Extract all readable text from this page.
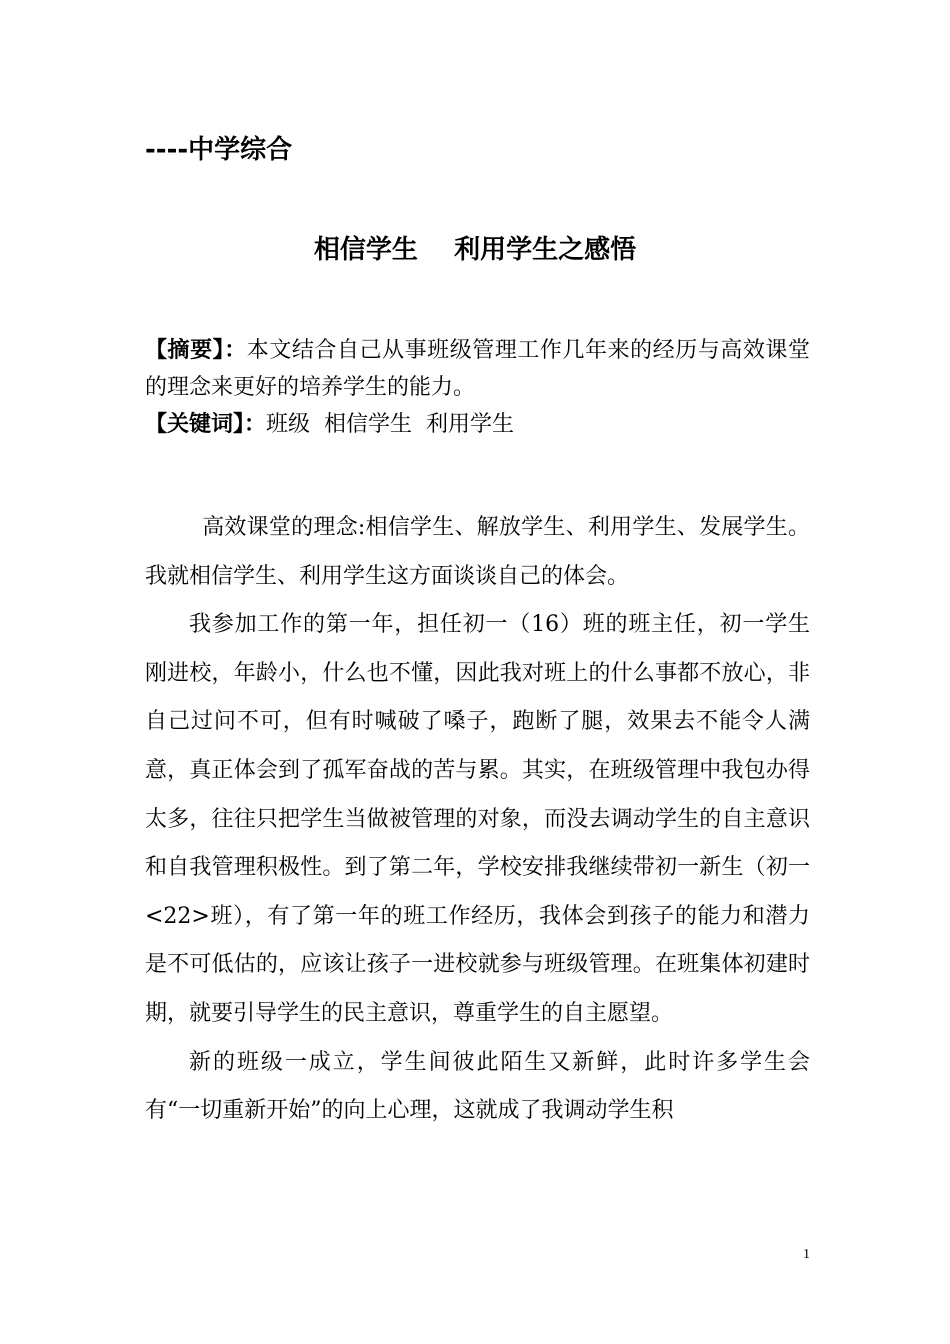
----中学综合
相信学生    利用学生之感悟
【摘要】：本文结合自己从事班级管理工作几年来的经历与高效课堂的理念来更好的培养学生的能力。
【关键词】：班级  相信学生  利用学生

高效课堂的理念:相信学生、解放学生、利用学生、发展学生。我就相信学生、利用学生这方面谈谈自己的体会。

我参加工作的第一年，担任初一（16）班的班主任，初一学生刚进校，年龄小，什么也不懂，因此我对班上的什么事都不放心，非自己过问不可，但有时喊破了嗓子，跑断了腿，效果去不能令人满意，真正体会到了孤军奋战的苦与累。其实，在班级管理中我包办得太多，往往只把学生当做被管理的对象，而没去调动学生的自主意识和自我管理积极性。到了第二年，学校安排我继续带初一新生（初一<22>班），有了第一年的班工作经历，我体会到孩子的能力和潜力是不可低估的，应该让孩子一进校就参与班级管理。在班集体初建时期，就要引导学生的民主意识，尊重学生的自主愿望。

新的班级一成立，学生间彼此陌生又新鲜，此时许多学生会有“一切重新开始”的向上心理，这就成了我调动学生积

1
